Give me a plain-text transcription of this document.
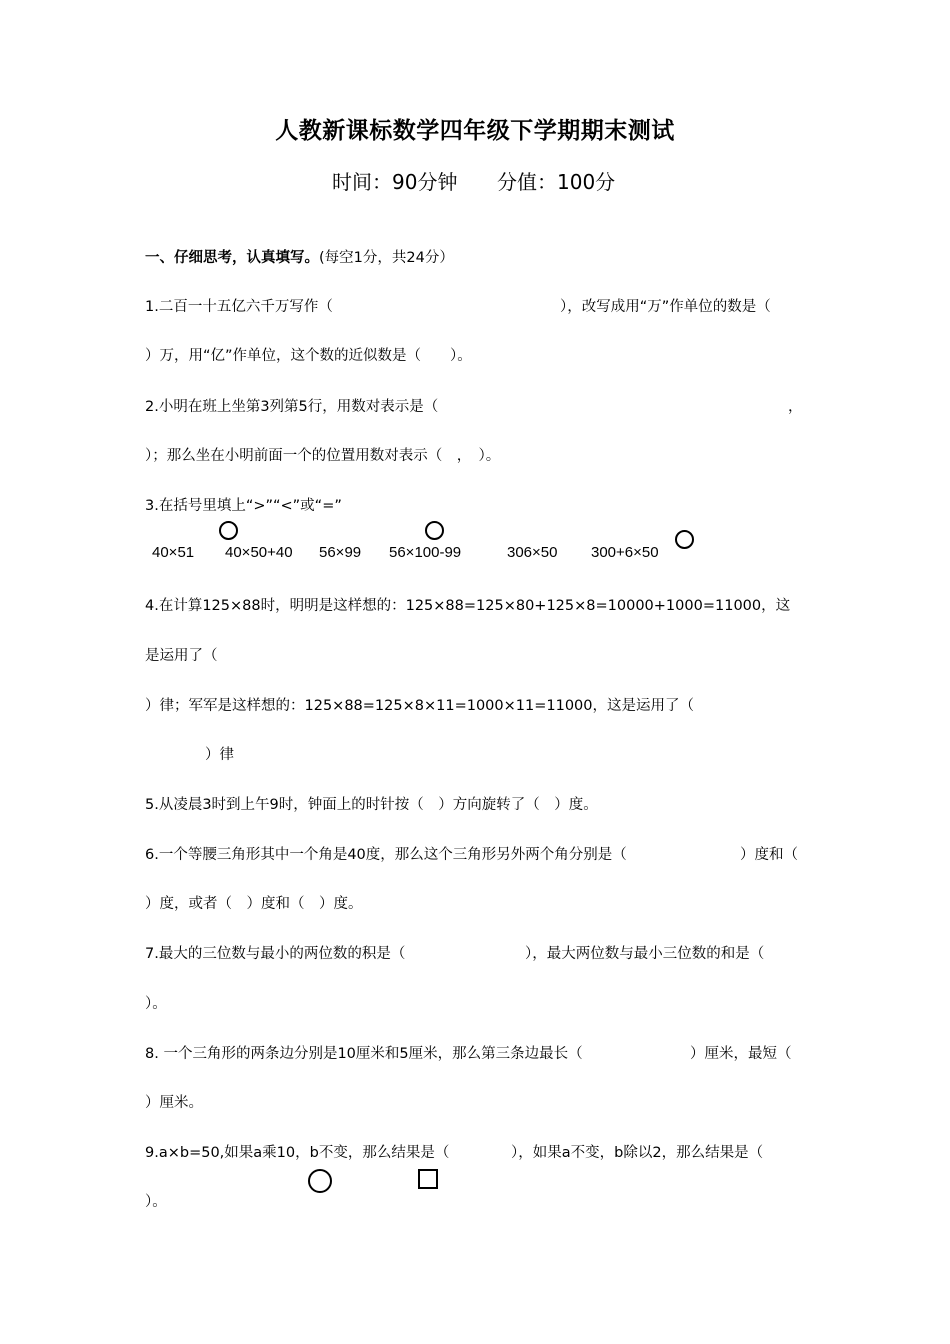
人教新课标数学四年级下学期期末测试
时间：90分钟 分值：100分
一、仔细思考，认真填写。(每空1分，共24分）
1.二百一十五亿六千万写作（	），改写成用“万”作单位的数是（
）万，用“亿”作单位，这个数的近似数是（　　）。
2.小明在班上坐第3列第5行，用数对表示是（	，
）；那么坐在小明前面一个的位置用数对表示（　，　）。
3.在括号里填上“>”“<”或“=”
40×51 40×50+40 56×99 56×100-99	306×50 300+6×50
4.在计算125×88时，明明是这样想的：125×88=125×80+125×8=10000+1000=11000，这
是运用了（
）律；军军是这样想的：125×88=125×8×11=1000×11=11000，这是运用了（
）律
5.从凌晨3时到上午9时，钟面上的时针按（　）方向旋转了（　）度。
6.一个等腰三角形其中一个角是40度，那么这个三角形另外两个角分别是（	）度和（
）度，或者（　）度和（　）度。
7.最大的三位数与最小的两位数的积是（	），最大两位数与最小三位数的和是（
）。
8. 一个三角形的两条边分别是10厘米和5厘米，那么第三条边最长（	）厘米，最短（
）厘米。
9.a×b=50,如果a乘10，b不变，那么结果是（	），如果a不变，b除以2，那么结果是（
）。
